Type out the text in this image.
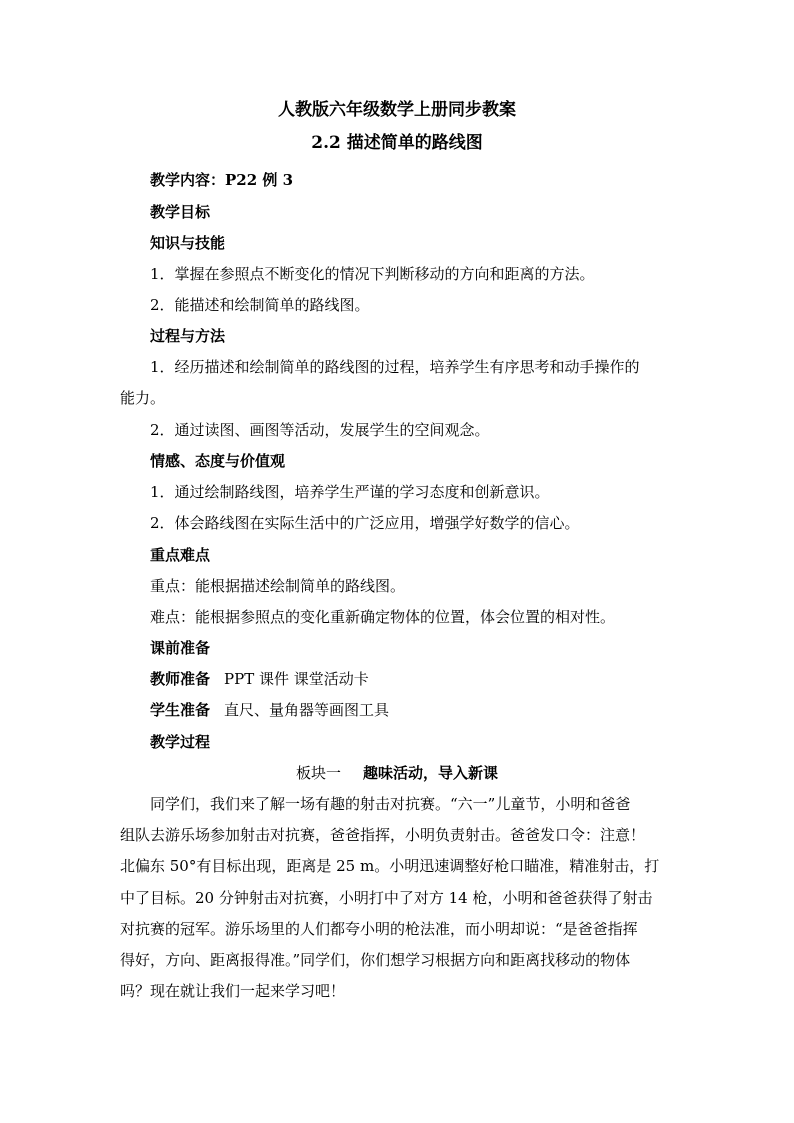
人教版六年级数学上册同步教案
2.2 描述简单的路线图
教学内容：P22 例 3
教学目标
知识与技能
1．掌握在参照点不断变化的情况下判断移动的方向和距离的方法。
2．能描述和绘制简单的路线图。
过程与方法
1．经历描述和绘制简单的路线图的过程，培养学生有序思考和动手操作的
能力。
2．通过读图、画图等活动，发展学生的空间观念。
情感、态度与价值观
1．通过绘制路线图，培养学生严谨的学习态度和创新意识。
2．体会路线图在实际生活中的广泛应用，增强学好数学的信心。
重点难点
重点：能根据描述绘制简单的路线图。
难点：能根据参照点的变化重新确定物体的位置，体会位置的相对性。
课前准备
教师准备 PPT 课件 课堂活动卡
学生准备 直尺、量角器等画图工具
教学过程
板块一 趣味活动，导入新课
同学们，我们来了解一场有趣的射击对抗赛。“六一”儿童节，小明和爸爸
组队去游乐场参加射击对抗赛，爸爸指挥，小明负责射击。爸爸发口令：注意！
北偏东 50°有目标出现，距离是 25 m。小明迅速调整好枪口瞄准，精准射击，打
中了目标。20 分钟射击对抗赛，小明打中了对方 14 枪，小明和爸爸获得了射击
对抗赛的冠军。游乐场里的人们都夸小明的枪法准，而小明却说：“是爸爸指挥
得好，方向、距离报得准。”同学们，你们想学习根据方向和距离找移动的物体
吗？现在就让我们一起来学习吧！
